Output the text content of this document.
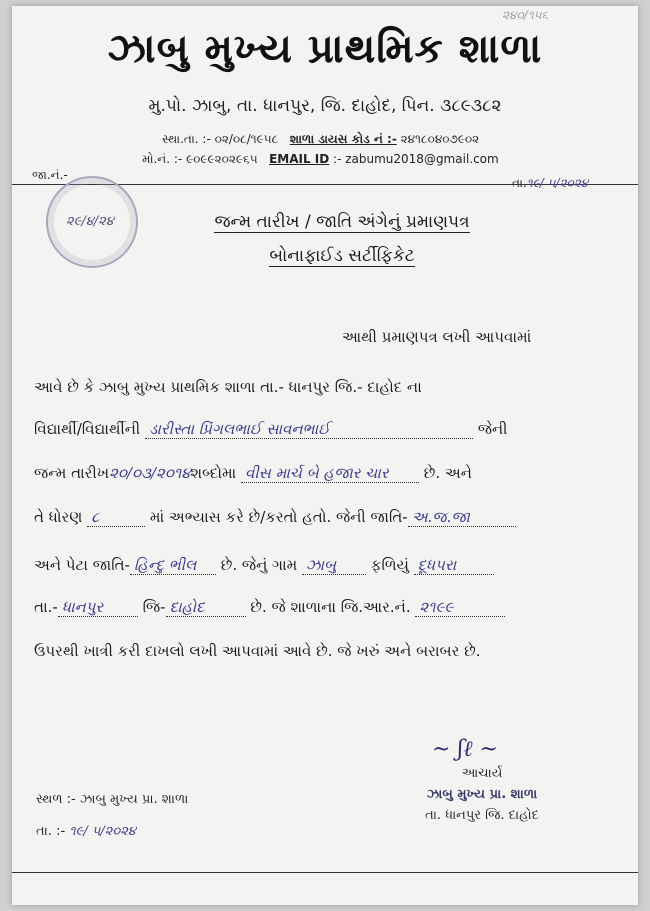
૨૪૦/૧૫૬
ઝાબુ મુખ્ય પ્રાથમિક શાળા
મુ.પો. ઝાબુ, તા. ધાનપુર, જિ. દાહોદ, પિન. ૩૮૯૩૮૨
સ્થા.તા. :- ૦૨/૦૮/૧૯૫૮ શાળા ડાયસ કોડ નં :- ૨૪૧૮૦૪૦૭૯૦૨
મો.નં. :- ૯૦૯૯૨૦૨૯૬૫ EMAIL ID :- zabumu2018@gmail.com
જા.નં.-
તા.૧૯/ ૫/૨૦૨૪
૨૯/૪/૨૪	જન્મ તારીખ / જાતિ અંગેનું પ્રમાણપત્ર
બોનાફાઈડ સર્ટીફિકેટ
આથી પ્રમાણપત્ર લખી આપવામાં
આવે છે કે ઝાબુ મુખ્ય પ્રાથમિક શાળા તા.- ધાનપુર જિ.- દાહોદ ના
વિદ્યાર્થી/વિદ્યાર્થીની ડારીસ્તા પ્રિંગલભાઈ સાવનભાઈ	જેની
જન્મ તારીખ૨૦/૦૩/૨૦૧૪શબ્દોમા વીસ માર્ચ બે હજાર ચાર છે. અને
તે ધોરણ ૮	માં અભ્યાસ કરે છે/કરતો હતો. જેની જાતિ- અ.જ.જા
અને પેટા જાતિ- હિન્દુ ભીલ છે. જેનું ગામ ઝાબુ ફળિયું દૂધપરા
તા.- ધાનપુર	જિ- દાહોદ	છે. જે શાળાના જિ.આર.નં. ૨૧૯૯
ઉપરથી ખાત્રી કરી દાખલો લખી આપવામાં આવે છે. જે ખરું અને બરાબર છે.
~ ʃℓ ~
આચાર્ય
ઝાબુ મુખ્ય પ્રા. શાળા
તા. ધાનપુર જિ. દાહોદ
સ્થળ :- ઝાબુ મુખ્ય પ્રા. શાળા
તા. :- ૧૯/ ૫/૨૦૨૪
